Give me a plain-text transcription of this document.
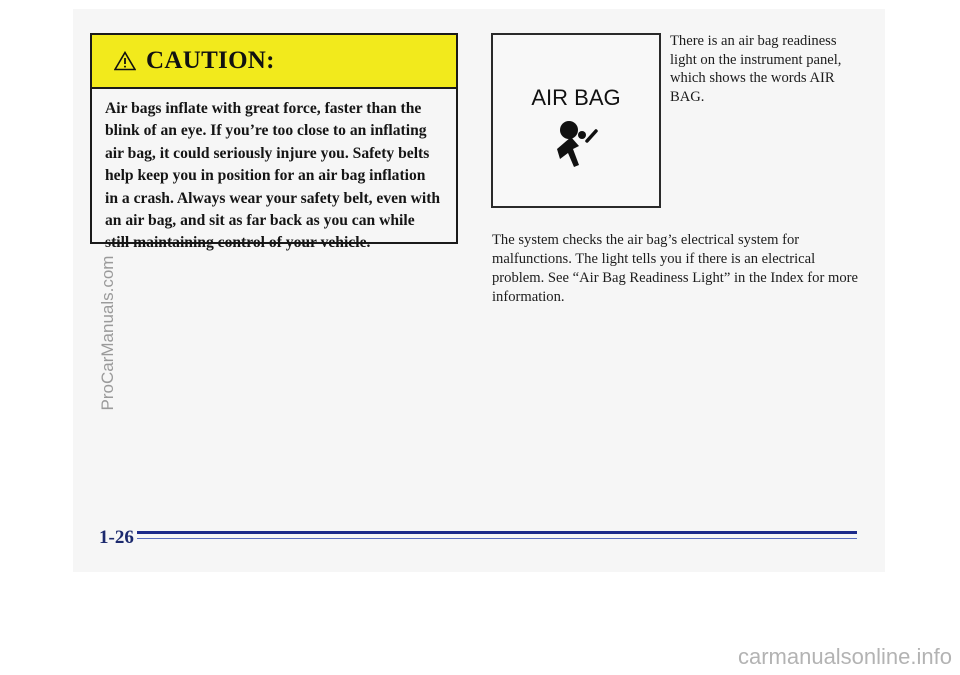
CAUTION:
Air bags inflate with great force, faster than the blink of an eye. If you’re too close to an inflating air bag, it could seriously injure you. Safety belts help keep you in position for an air bag inflation in a crash. Always wear your safety belt, even with an air bag, and sit as far back as you can while still maintaining control of your vehicle.
AIR BAG
There is an air bag readiness light on the instrument panel, which shows the words AIR BAG.
The system checks the air bag’s electrical system for malfunctions. The light tells you if there is an electrical problem. See “Air Bag Readiness Light” in the Index for more information.
1-26
ProCarManuals.com
carmanualsonline.info
